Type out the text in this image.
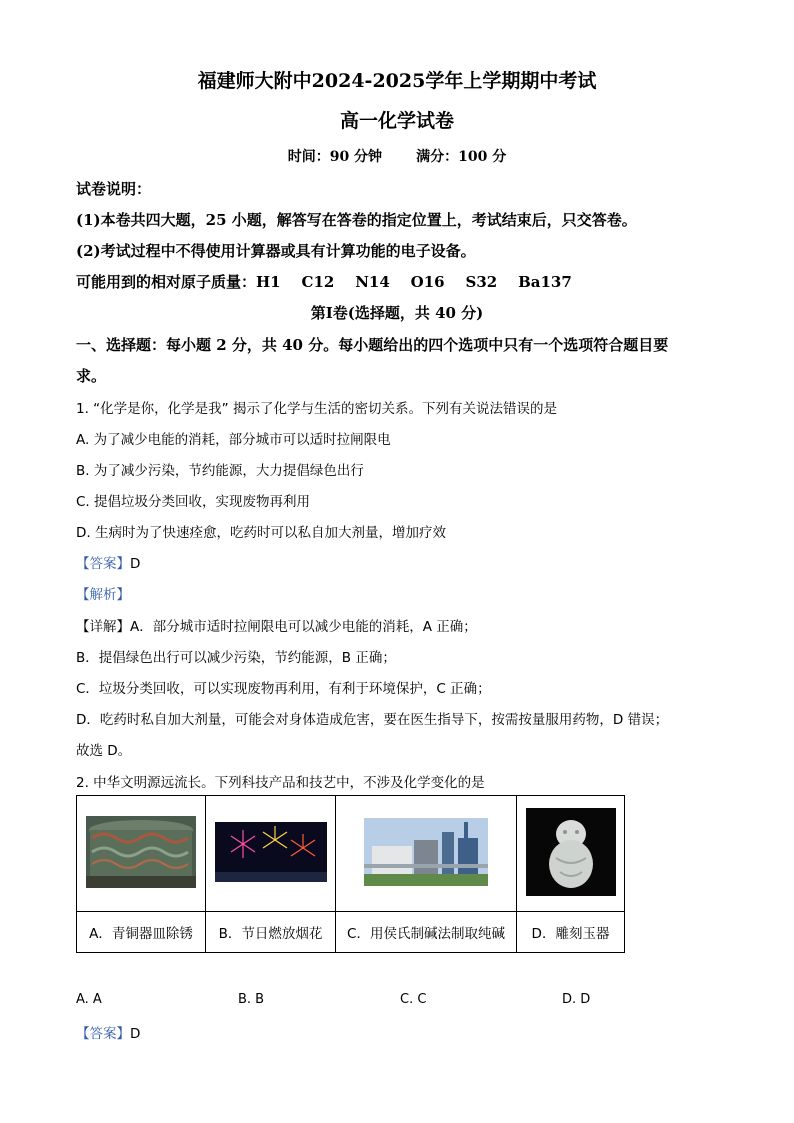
福建师大附中2024-2025学年上学期期中考试
高一化学试卷
时间：90 分钟       满分：100 分
试卷说明：
(1)本卷共四大题，25 小题，解答写在答卷的指定位置上，考试结束后，只交答卷。
(2)考试过程中不得使用计算器或具有计算功能的电子设备。
可能用到的相对原子质量：H1    C12    N14    O16    S32    Ba137
第Ⅰ卷(选择题，共 40 分)
一、选择题：每小题 2 分，共 40 分。每小题给出的四个选项中只有一个选项符合题目要
求。
1. “化学是你，化学是我” 揭示了化学与生活的密切关系。下列有关说法错误的是
A. 为了减少电能的消耗，部分城市可以适时拉闸限电
B. 为了减少污染，节约能源，大力提倡绿色出行
C. 提倡垃圾分类回收，实现废物再利用
D. 生病时为了快速痊愈，吃药时可以私自加大剂量，增加疗效
【答案】D
【解析】
【详解】A．部分城市适时拉闸限电可以减少电能的消耗，A 正确；
B．提倡绿色出行可以减少污染，节约能源，B 正确；
C．垃圾分类回收，可以实现废物再利用，有利于环境保护，C 正确；
D．吃药时私自加大剂量，可能会对身体造成危害，要在医生指导下，按需按量服用药物，D 错误；
故选 D。
2. 中华文明源远流长。下列科技产品和技艺中，不涉及化学变化的是

A．青铜器皿除锈	B．节日燃放烟花	C．用侯氏制碱法制取纯碱	D．雕刻玉器
A. A	B. B	C. C	D. D
【答案】D
